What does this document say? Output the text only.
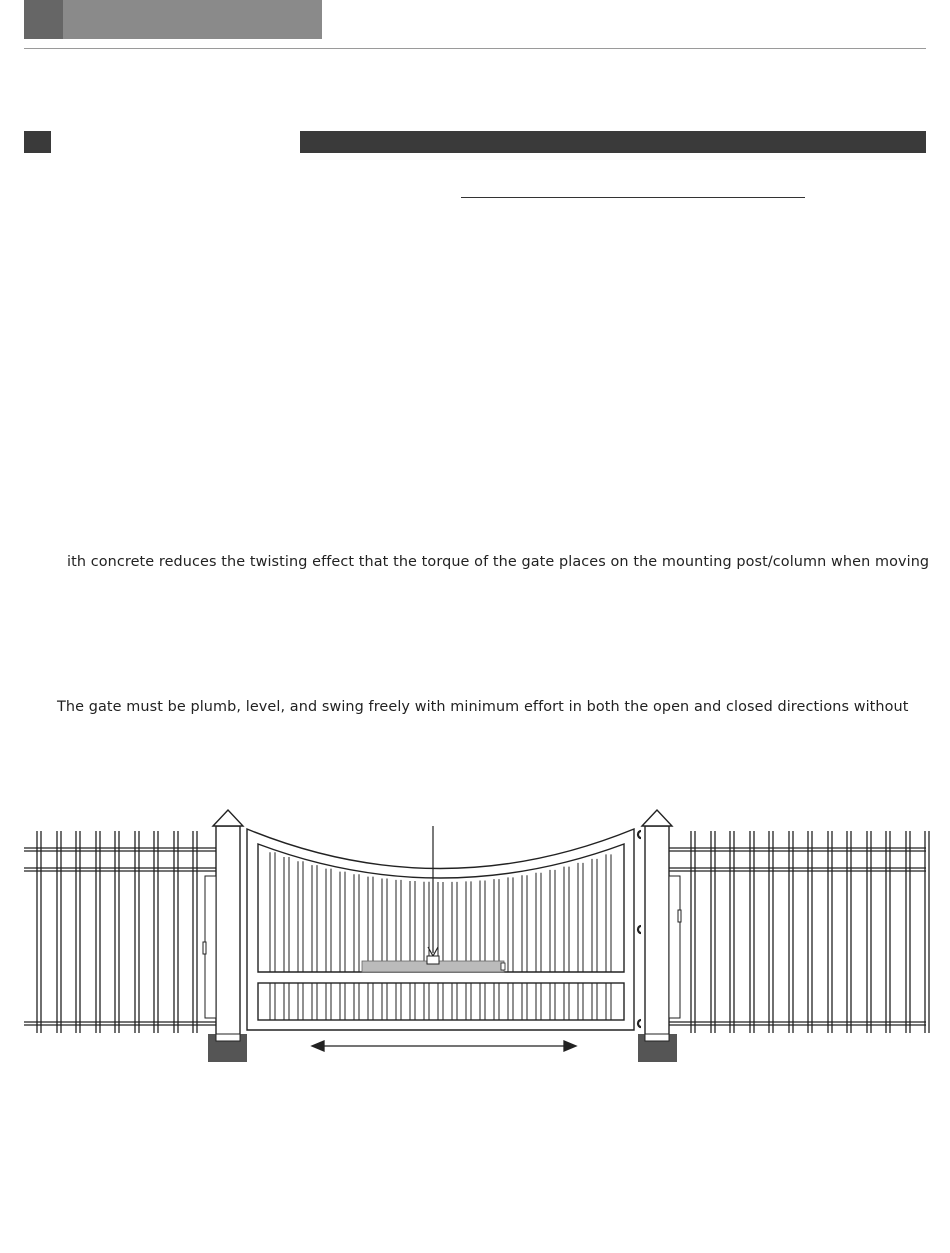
ith concrete reduces the twisting effect that the torque of the gate places on the mounting post/column when moving
The gate must be plumb, level, and swing freely with minimum effort in both the open and closed directions without
